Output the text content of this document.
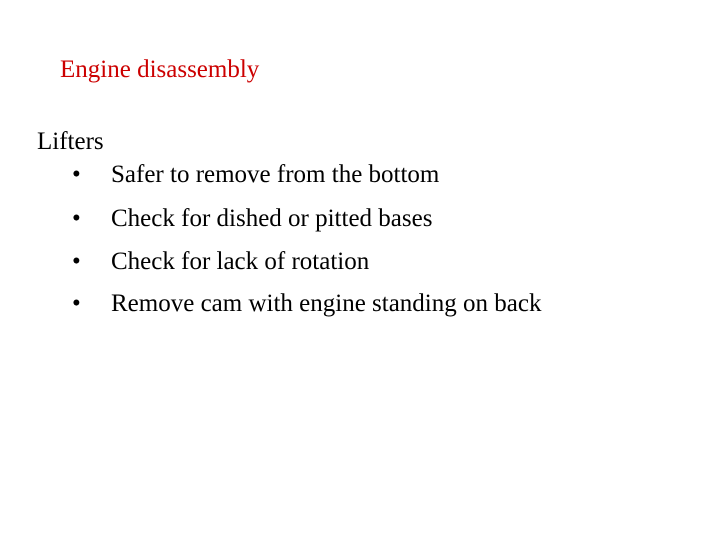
Engine disassembly
Lifters
• Safer to remove from the bottom
• Check for dished or pitted bases
• Check for lack of rotation
• Remove cam with engine standing on back
